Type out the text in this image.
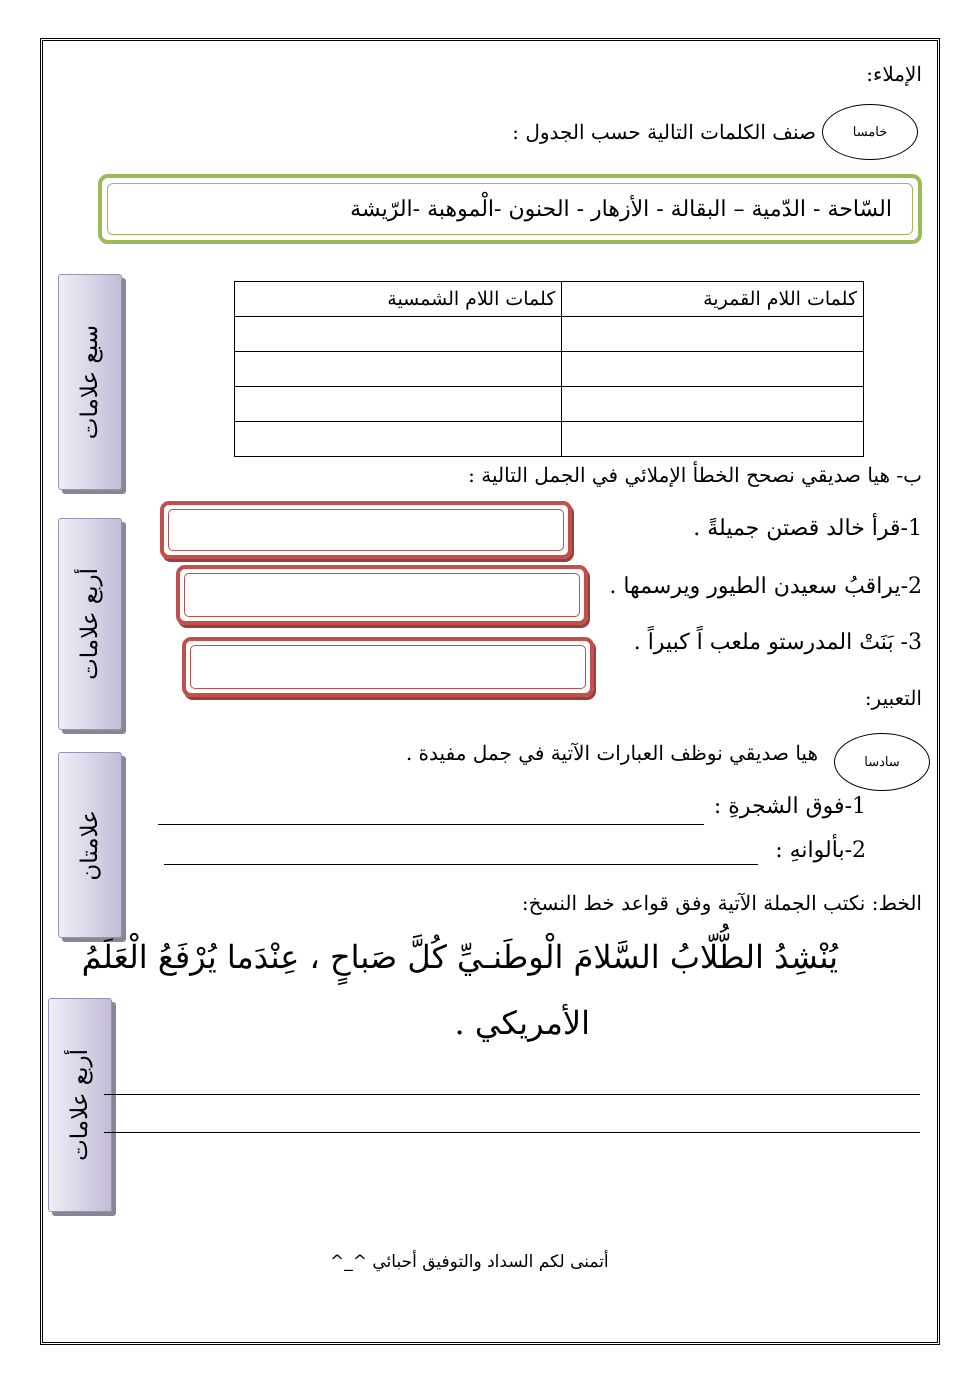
الإملاء:
خامسا
صنف الكلمات التالية حسب الجدول :
السّاحة - الدّمية – البقالة - الأزهار - الحنون -الْموهبة -الرّيشة
سبع علامات
كلمات اللام القمرية	كلمات اللام الشمسية

ب- هيا صديقي نصحح الخطأ الإملائي في الجمل التالية :
أربع علامات
1-قرأ خالد قصتن جميلةً .
2-يراقبُ سعيدن الطيور ويرسمها .
3- بَنَتْ المدرستو ملعب اً كبيراً .
التعبير:
سادسا
هيا صديقي نوظف العبارات الآتية في جمل مفيدة .
علامتان
1-فوق الشجرةِ :
2-بألوانهِ :
الخط: نكتب الجملة الآتية وفق قواعد خط النسخ:
يُنْشِدُ الطُّلّابُ السَّلامَ الْوطَنـيِّ كُلَّ صَباحٍ ، عِنْدَما يُرْفَعُ الْعَلَمُ
الأمريكي .
أربع علامات
أتمنى لكم السداد والتوفيق أحبائي ^_^
